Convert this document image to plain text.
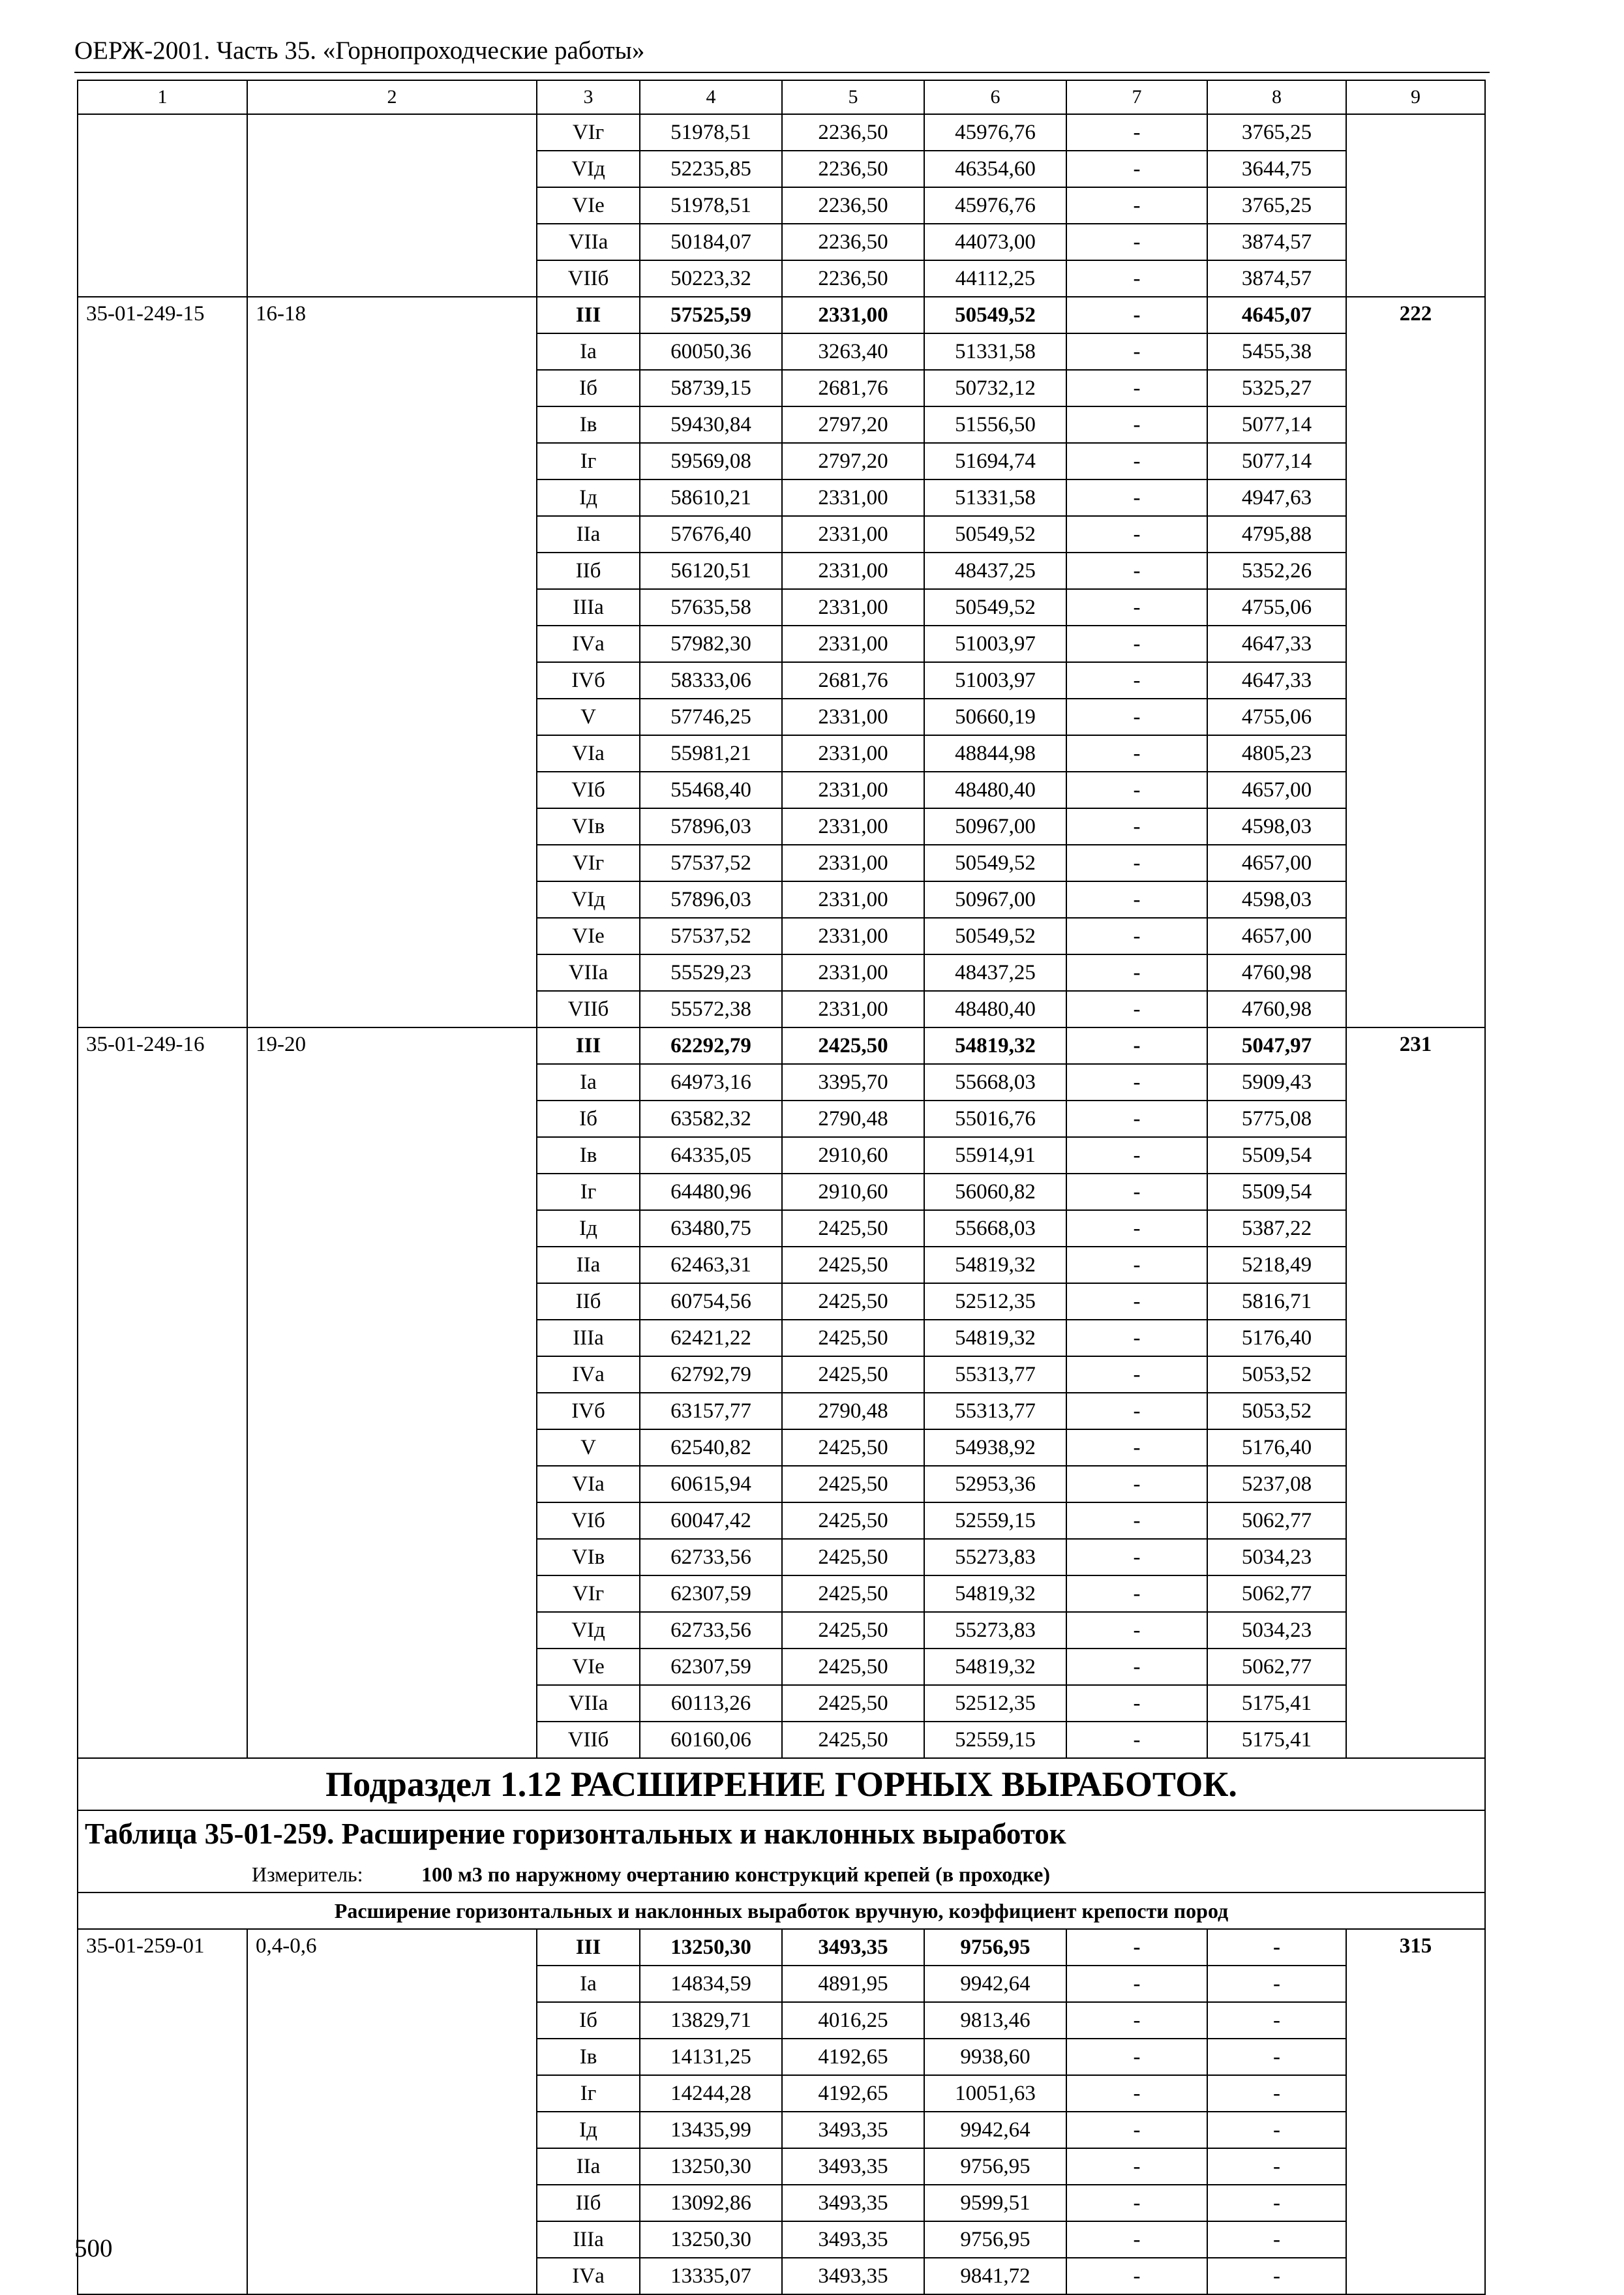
ОЕРЖ-2001. Часть 35. «Горнопроходческие работы»
1	2	3	4	5	6	7	8	9
		VIг	51978,51	2236,50	45976,76	-	3765,25	
		VIд	52235,85	2236,50	46354,60	-	3644,75	
		VIе	51978,51	2236,50	45976,76	-	3765,25	
		VIIа	50184,07	2236,50	44073,00	-	3874,57	
		VIIб	50223,32	2236,50	44112,25	-	3874,57	
35-01-249-15	16-18	III	57525,59	2331,00	50549,52	-	4645,07	222
		Iа	60050,36	3263,40	51331,58	-	5455,38	
		Iб	58739,15	2681,76	50732,12	-	5325,27	
		Iв	59430,84	2797,20	51556,50	-	5077,14	
		Iг	59569,08	2797,20	51694,74	-	5077,14	
		Iд	58610,21	2331,00	51331,58	-	4947,63	
		IIа	57676,40	2331,00	50549,52	-	4795,88	
		IIб	56120,51	2331,00	48437,25	-	5352,26	
		IIIа	57635,58	2331,00	50549,52	-	4755,06	
		IVа	57982,30	2331,00	51003,97	-	4647,33	
		IVб	58333,06	2681,76	51003,97	-	4647,33	
		V	57746,25	2331,00	50660,19	-	4755,06	
		VIа	55981,21	2331,00	48844,98	-	4805,23	
		VIб	55468,40	2331,00	48480,40	-	4657,00	
		VIв	57896,03	2331,00	50967,00	-	4598,03	
		VIг	57537,52	2331,00	50549,52	-	4657,00	
		VIд	57896,03	2331,00	50967,00	-	4598,03	
		VIе	57537,52	2331,00	50549,52	-	4657,00	
		VIIа	55529,23	2331,00	48437,25	-	4760,98	
		VIIб	55572,38	2331,00	48480,40	-	4760,98	
35-01-249-16	19-20	III	62292,79	2425,50	54819,32	-	5047,97	231
		Iа	64973,16	3395,70	55668,03	-	5909,43	
		Iб	63582,32	2790,48	55016,76	-	5775,08	
		Iв	64335,05	2910,60	55914,91	-	5509,54	
		Iг	64480,96	2910,60	56060,82	-	5509,54	
		Iд	63480,75	2425,50	55668,03	-	5387,22	
		IIа	62463,31	2425,50	54819,32	-	5218,49	
		IIб	60754,56	2425,50	52512,35	-	5816,71	
		IIIа	62421,22	2425,50	54819,32	-	5176,40	
		IVа	62792,79	2425,50	55313,77	-	5053,52	
		IVб	63157,77	2790,48	55313,77	-	5053,52	
		V	62540,82	2425,50	54938,92	-	5176,40	
		VIа	60615,94	2425,50	52953,36	-	5237,08	
		VIб	60047,42	2425,50	52559,15	-	5062,77	
		VIв	62733,56	2425,50	55273,83	-	5034,23	
		VIг	62307,59	2425,50	54819,32	-	5062,77	
		VIд	62733,56	2425,50	55273,83	-	5034,23	
		VIе	62307,59	2425,50	54819,32	-	5062,77	
		VIIа	60113,26	2425,50	52512,35	-	5175,41	
		VIIб	60160,06	2425,50	52559,15	-	5175,41	
Подраздел 1.12 РАСШИРЕНИЕ ГОРНЫХ ВЫРАБОТОК.								
Таблица 35-01-259. Расширение горизонтальных и наклонных выработок								
Измеритель: 100 м3 по наружному очертанию конструкций крепей (в проходке)								
Расширение горизонтальных и наклонных выработок вручную, коэффициент крепости пород								
35-01-259-01	0,4-0,6	III	13250,30	3493,35	9756,95	-	-	315
		Iа	14834,59	4891,95	9942,64	-	-	
		Iб	13829,71	4016,25	9813,46	-	-	
		Iв	14131,25	4192,65	9938,60	-	-	
		Iг	14244,28	4192,65	10051,63	-	-	
		Iд	13435,99	3493,35	9942,64	-	-	
		IIа	13250,30	3493,35	9756,95	-	-	
		IIб	13092,86	3493,35	9599,51	-	-	
		IIIа	13250,30	3493,35	9756,95	-	-	
		IVа	13335,07	3493,35	9841,72	-	-	
500
